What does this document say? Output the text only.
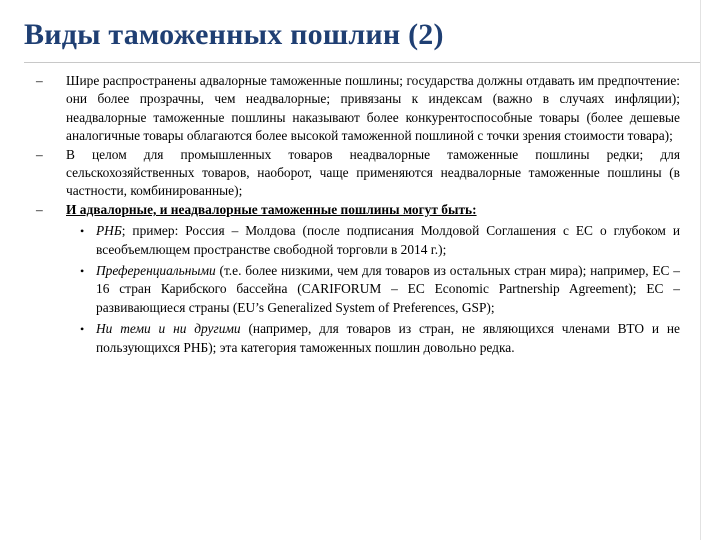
Виды таможенных пошлин (2)

– Шире распространены адвалорные таможенные пошлины; государства должны отдавать им предпочтение: они более прозрачны, чем неадвалорные; привязаны к индексам (важно в случаях инфляции); неадвалорные таможенные пошлины наказывают более конкурентоспособные товары (более дешевые аналогичные товары облагаются более высокой таможенной пошлиной с точки зрения стоимости товара);

– В целом для промышленных товаров неадвалорные таможенные пошлины редки; для сельскохозяйственных товаров, наоборот, чаще применяются неадвалорные таможенные пошлины (в частности, комбинированные);

– И адвалорные, и неадвалорные таможенные пошлины могут быть:

• РНБ; пример: Россия – Молдова (после подписания Молдовой Соглашения с ЕС о глубоком и всеобъемлющем пространстве свободной торговли в 2014 г.);

• Преференциальными (т.е. более низкими, чем для товаров из остальных стран мира); например, ЕС – 16 стран Карибского бассейна (CARIFORUM – EC Economic Partnership Agreement); ЕС – развивающиеся страны (EU’s Generalized System of Preferences, GSP);

• Ни теми и ни другими (например, для товаров из стран, не являющихся членами ВТО и не пользующихся РНБ); эта категория таможенных пошлин довольно редка.
